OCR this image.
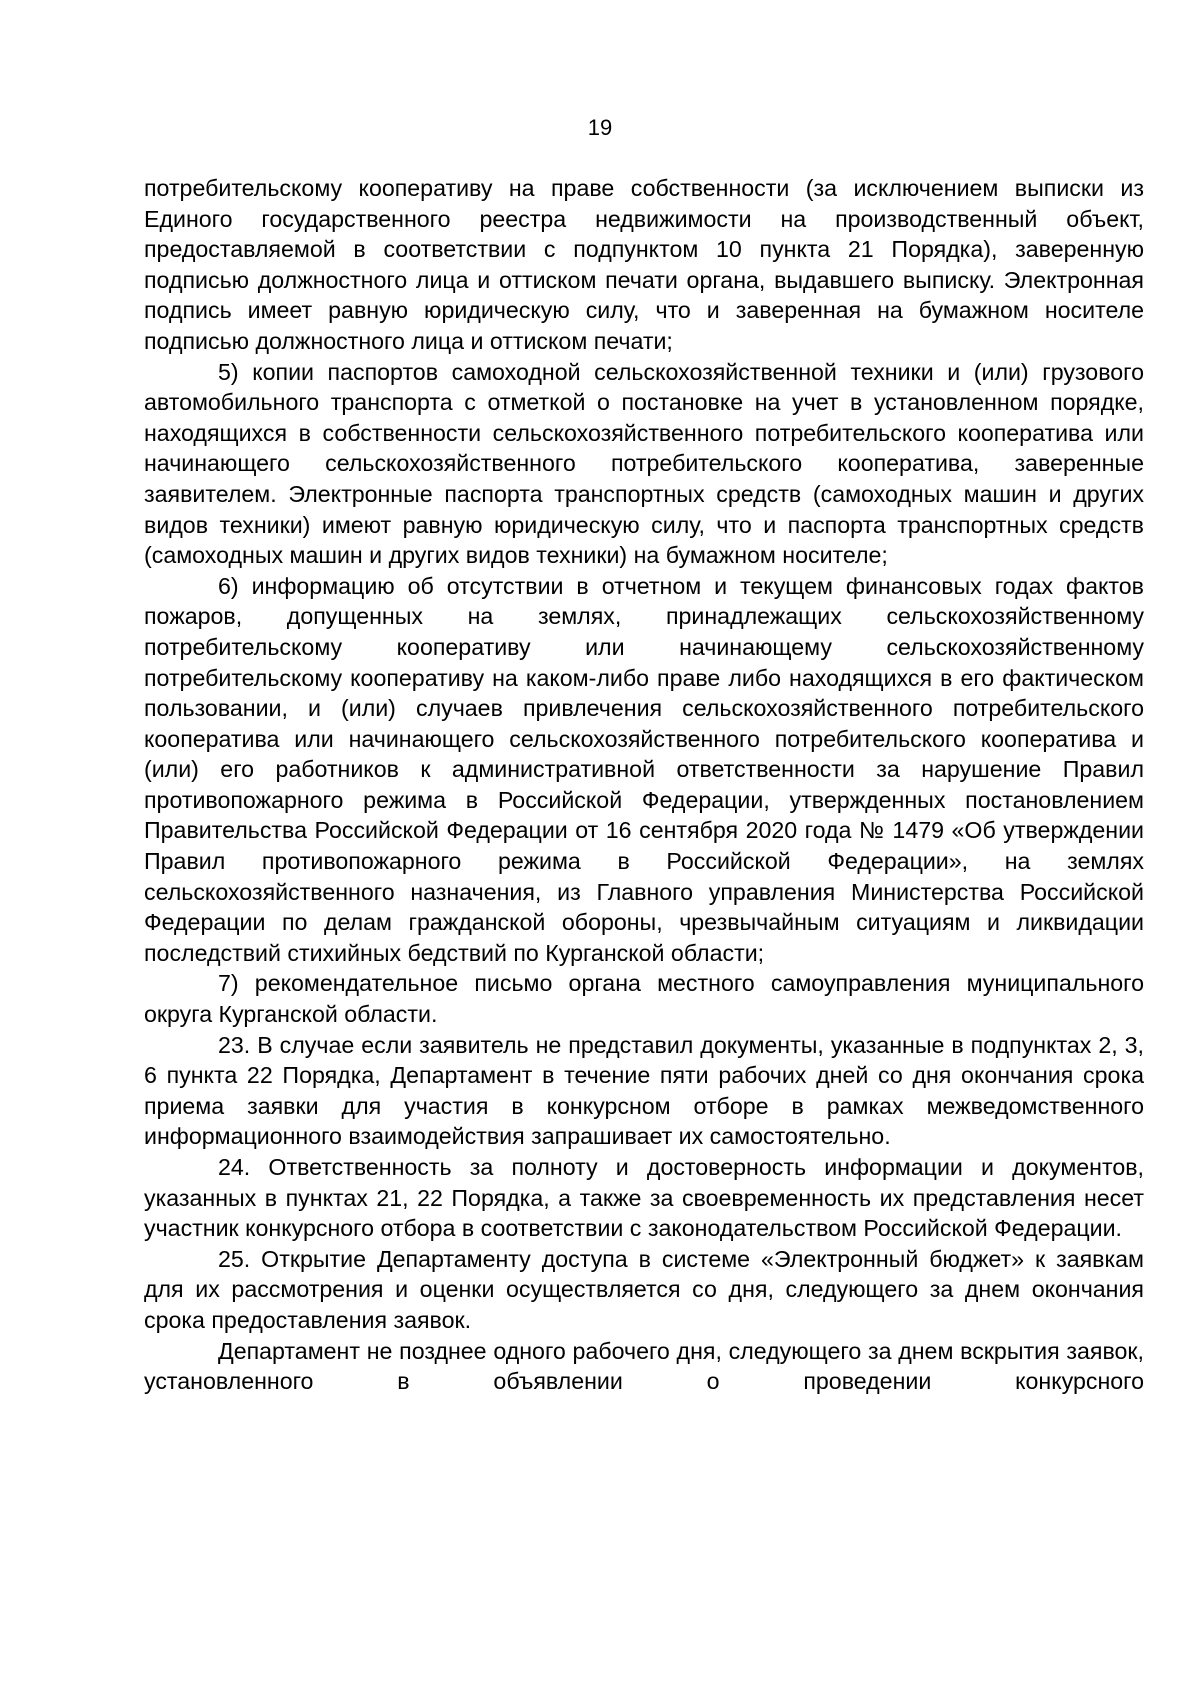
19

потребительскому кооперативу на праве собственности (за исключением выписки из Единого государственного реестра недвижимости на производственный объект, предоставляемой в соответствии с подпунктом 10 пункта 21 Порядка), заверенную подписью должностного лица и оттиском печати органа, выдавшего выписку. Электронная подпись имеет равную юридическую силу, что и заверенная на бумажном носителе подписью должностного лица и оттиском печати;

5) копии паспортов самоходной сельскохозяйственной техники и (или) грузового автомобильного транспорта с отметкой о постановке на учет в установленном порядке, находящихся в собственности сельскохозяйственного потребительского кооператива или начинающего сельскохозяйственного потребительского кооператива, заверенные заявителем. Электронные паспорта транспортных средств (самоходных машин и других видов техники) имеют равную юридическую силу, что и паспорта транспортных средств (самоходных машин и других видов техники) на бумажном носителе;

6) информацию об отсутствии в отчетном и текущем финансовых годах фактов пожаров, допущенных на землях, принадлежащих сельскохозяйственному потребительскому кооперативу или начинающему сельскохозяйственному потребительскому кооперативу на каком-либо праве либо находящихся в его фактическом пользовании, и (или) случаев привлечения сельскохозяйственного потребительского кооператива или начинающего сельскохозяйственного потребительского кооператива и (или) его работников к административной ответственности за нарушение Правил противопожарного режима в Российской Федерации, утвержденных постановлением Правительства Российской Федерации от 16 сентября 2020 года № 1479 «Об утверждении Правил противопожарного режима в Российской Федерации», на землях сельскохозяйственного назначения, из Главного управления Министерства Российской Федерации по делам гражданской обороны, чрезвычайным ситуациям и ликвидации последствий стихийных бедствий по Курганской области;

7) рекомендательное письмо органа местного самоуправления муниципального округа Курганской области.

23. В случае если заявитель не представил документы, указанные в подпунктах 2, 3, 6 пункта 22 Порядка, Департамент в течение пяти рабочих дней со дня окончания срока приема заявки для участия в конкурсном отборе в рамках межведомственного информационного взаимодействия запрашивает их самостоятельно.

24. Ответственность за полноту и достоверность информации и документов, указанных в пунктах 21, 22 Порядка, а также за своевременность их представления несет участник конкурсного отбора в соответствии с законодательством Российской Федерации.

25. Открытие Департаменту доступа в системе «Электронный бюджет» к заявкам для их рассмотрения и оценки осуществляется со дня, следующего за днем окончания срока предоставления заявок.

Департамент не позднее одного рабочего дня, следующего за днем вскрытия заявок, установленного в объявлении о проведении конкурсного
